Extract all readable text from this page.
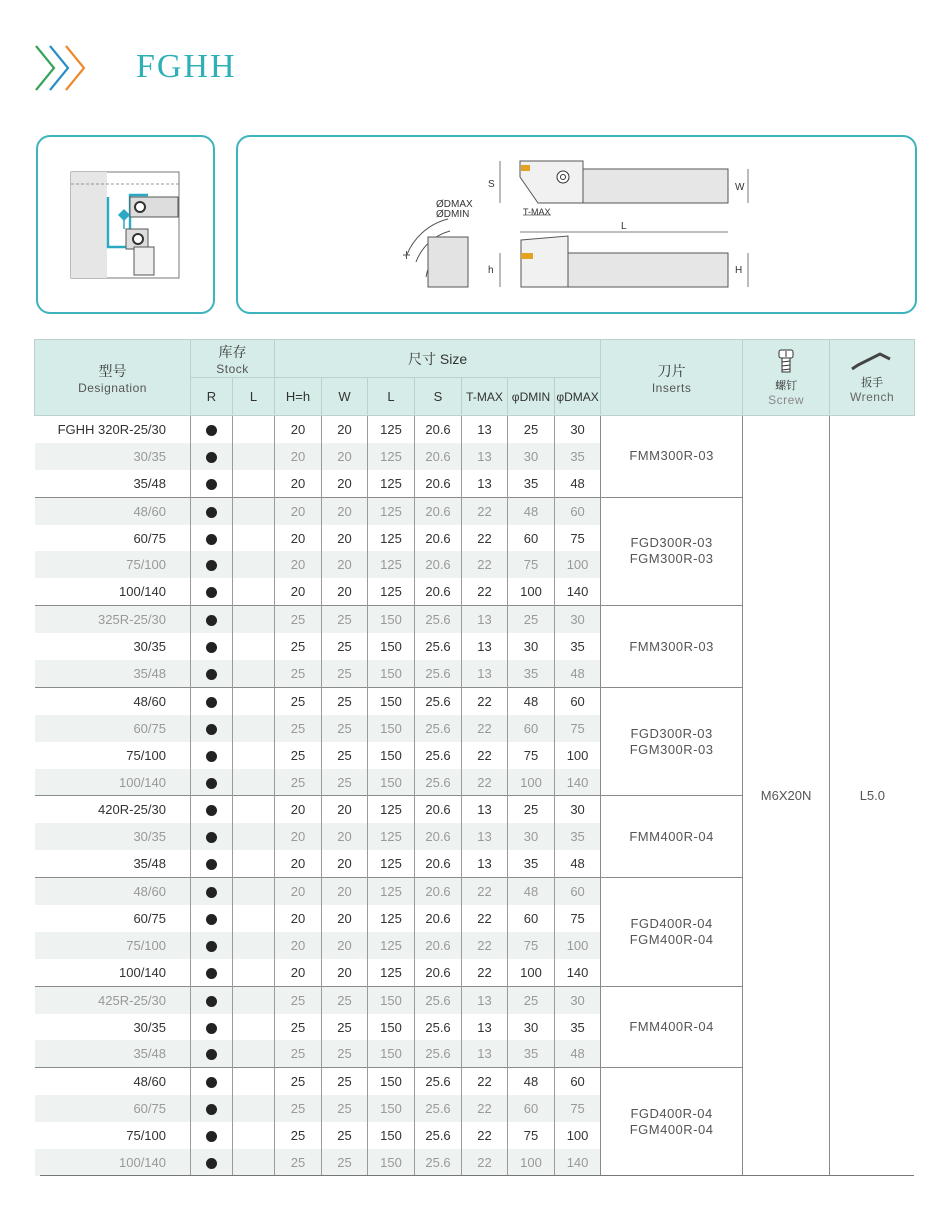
FGHH
ØDMAX
ØDMIN
S	W
T-MAX
L
h	H
型号
Designation	库存
Stock		尺寸 Size							刀片
Inserts	螺钉
Screw	扳手
Wrench

	R	L	H=h	W	L	S	T-MAX	φDMIN	φDMAX			
FGHH 320R-25/30			20	20	125	20.6	13	25	30	FMM300R-03	M6X20N	L5.0
30/35			20	20	125	20.6	13	30	35			
35/48			20	20	125	20.6	13	35	48			
48/60			20	20	125	20.6	22	48	60	FGD300R-03
FGM300R-03		

60/75			20	20	125	20.6	22	60	75			
75/100			20	20	125	20.6	22	75	100			
100/140			20	20	125	20.6	22	100	140			
325R-25/30			25	25	150	25.6	13	25	30	FMM300R-03		

30/35			25	25	150	25.6	13	30	35			
35/48			25	25	150	25.6	13	35	48			
48/60			25	25	150	25.6	22	48	60	FGD300R-03
FGM300R-03		

60/75			25	25	150	25.6	22	60	75			
75/100			25	25	150	25.6	22	75	100			
100/140			25	25	150	25.6	22	100	140			
420R-25/30			20	20	125	20.6	13	25	30	FMM400R-04		

30/35			20	20	125	20.6	13	30	35			
35/48			20	20	125	20.6	13	35	48			
48/60			20	20	125	20.6	22	48	60	FGD400R-04
FGM400R-04		

60/75			20	20	125	20.6	22	60	75			
75/100			20	20	125	20.6	22	75	100			
100/140			20	20	125	20.6	22	100	140			
425R-25/30			25	25	150	25.6	13	25	30	FMM400R-04		

30/35			25	25	150	25.6	13	30	35			
35/48			25	25	150	25.6	13	35	48			
48/60			25	25	150	25.6	22	48	60	FGD400R-04
FGM400R-04		

60/75			25	25	150	25.6	22	60	75			
75/100			25	25	150	25.6	22	75	100			
100/140			25	25	150	25.6	22	100	140			
